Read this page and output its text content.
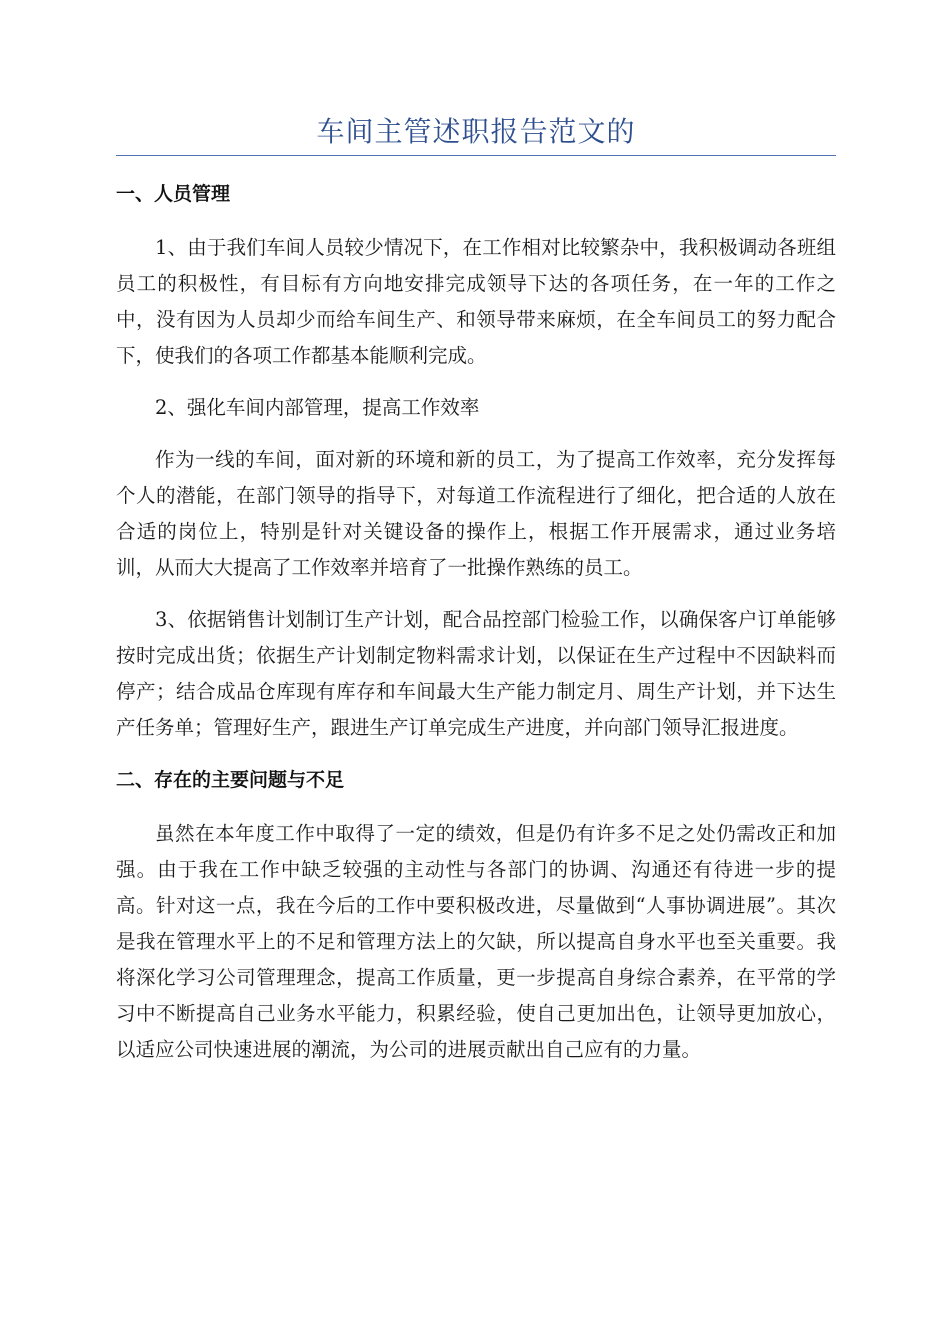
车间主管述职报告范文的
一、人员管理

1、由于我们车间人员较少情况下，在工作相对比较繁杂中，我积极调动各班组员工的积极性，有目标有方向地安排完成领导下达的各项任务，在一年的工作之中，没有因为人员却少而给车间生产、和领导带来麻烦，在全车间员工的努力配合下，使我们的各项工作都基本能顺利完成。

2、强化车间内部管理，提高工作效率

作为一线的车间，面对新的环境和新的员工，为了提高工作效率，充分发挥每个人的潜能，在部门领导的指导下，对每道工作流程进行了细化，把合适的人放在合适的岗位上，特别是针对关键设备的操作上，根据工作开展需求，通过业务培训，从而大大提高了工作效率并培育了一批操作熟练的员工。

3、依据销售计划制订生产计划，配合品控部门检验工作，以确保客户订单能够按时完成出货；依据生产计划制定物料需求计划，以保证在生产过程中不因缺料而停产；结合成品仓库现有库存和车间最大生产能力制定月、周生产计划，并下达生产任务单；管理好生产，跟进生产订单完成生产进度，并向部门领导汇报进度。

二、存在的主要问题与不足

虽然在本年度工作中取得了一定的绩效，但是仍有许多不足之处仍需改正和加强。由于我在工作中缺乏较强的主动性与各部门的协调、沟通还有待进一步的提高。针对这一点，我在今后的工作中要积极改进，尽量做到“人事协调进展”。其次是我在管理水平上的不足和管理方法上的欠缺，所以提高自身水平也至关重要。我将深化学习公司管理理念，提高工作质量，更一步提高自身综合素养，在平常的学习中不断提高自己业务水平能力，积累经验，使自己更加出色，让领导更加放心，以适应公司快速进展的潮流，为公司的进展贡献出自己应有的力量。
